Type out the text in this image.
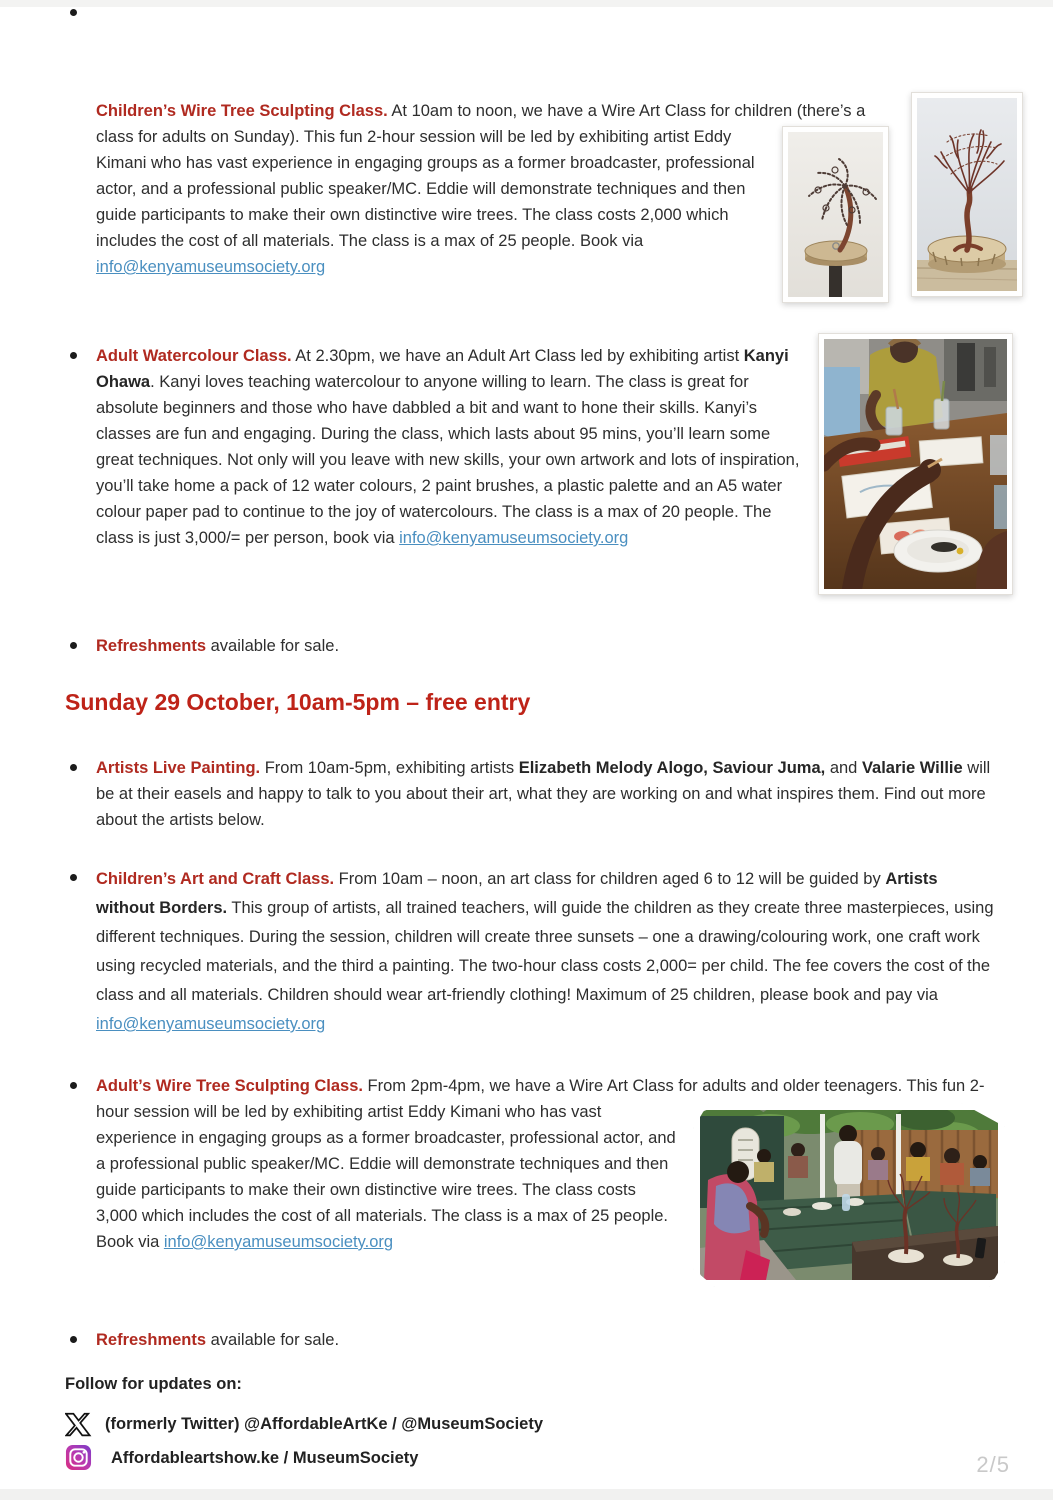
Children’s Wire Tree Sculpting Class. At 10am to noon, we have a Wire Art Class for children
(there’s a class for adults on Sunday). This fun 2-hour session will be led by exhibiting artist Eddy Kimani who has vast experience in engaging groups as a former broadcaster, professional actor, and a professional public speaker/MC. Eddie will demonstrate techniques and then guide participants to make their own distinctive wire trees. The class costs 2,000 which includes the cost of all materials. The class is a max of 25 people. Book via info@kenyamuseumsociety.org
Adult Watercolour Class. At 2.30pm, we have an Adult Art Class led by exhibiting artist Kanyi Ohawa. Kanyi loves teaching watercolour to anyone willing to learn. The class is great for absolute beginners and those who have dabbled a bit and want to hone their skills. Kanyi’s classes are fun and engaging. During the class, which lasts about 95 mins, you’ll learn some great techniques. Not only will you leave with new skills, your own artwork and lots of inspiration, you’ll take home a pack of 12 water colours, 2 paint brushes, a plastic palette and an A5 water colour paper pad to continue to the joy of watercolours. The class is a max of 20 people. The class is just 3,000/= per person, book via info@kenyamuseumsociety.org
Refreshments available for sale.
Sunday 29 October, 10am-5pm – free entry
Artists Live Painting. From 10am-5pm, exhibiting artists Elizabeth Melody Alogo, Saviour Juma, and Valarie Willie will be at their easels and happy to talk to you about their art, what they are working on and what inspires them. Find out more about the artists below.
Children’s Art and Craft Class. From 10am – noon, an art class for children aged 6 to 12 will be guided by Artists without Borders. This group of artists, all trained teachers, will guide the children as they create three masterpieces, using different techniques. During the session, children will create three sunsets – one a drawing/colouring work, one craft work using recycled materials, and the third a painting. The two-hour class costs 2,000= per child. The fee covers the cost of the class and all materials. Children should wear art-friendly clothing! Maximum of 25 children, please book and pay via info@kenyamuseumsociety.org
Adult’s Wire Tree Sculpting Class. From 2pm-4pm, we have a Wire Art Class for adults and older
teenagers. This fun 2-hour session will be led by exhibiting artist Eddy Kimani who has vast experience in engaging groups as a former broadcaster, professional actor, and a professional public speaker/MC. Eddie will demonstrate techniques and then guide participants to make their own distinctive wire trees. The class costs 3,000 which includes the cost of all materials. The class is a max of 25 people. Book via info@kenyamuseumsociety.org
Refreshments available for sale.
Follow for updates on:
(formerly Twitter) @AffordableArtKe / @MuseumSociety
Affordableartshow.ke / MuseumSociety	2/5
